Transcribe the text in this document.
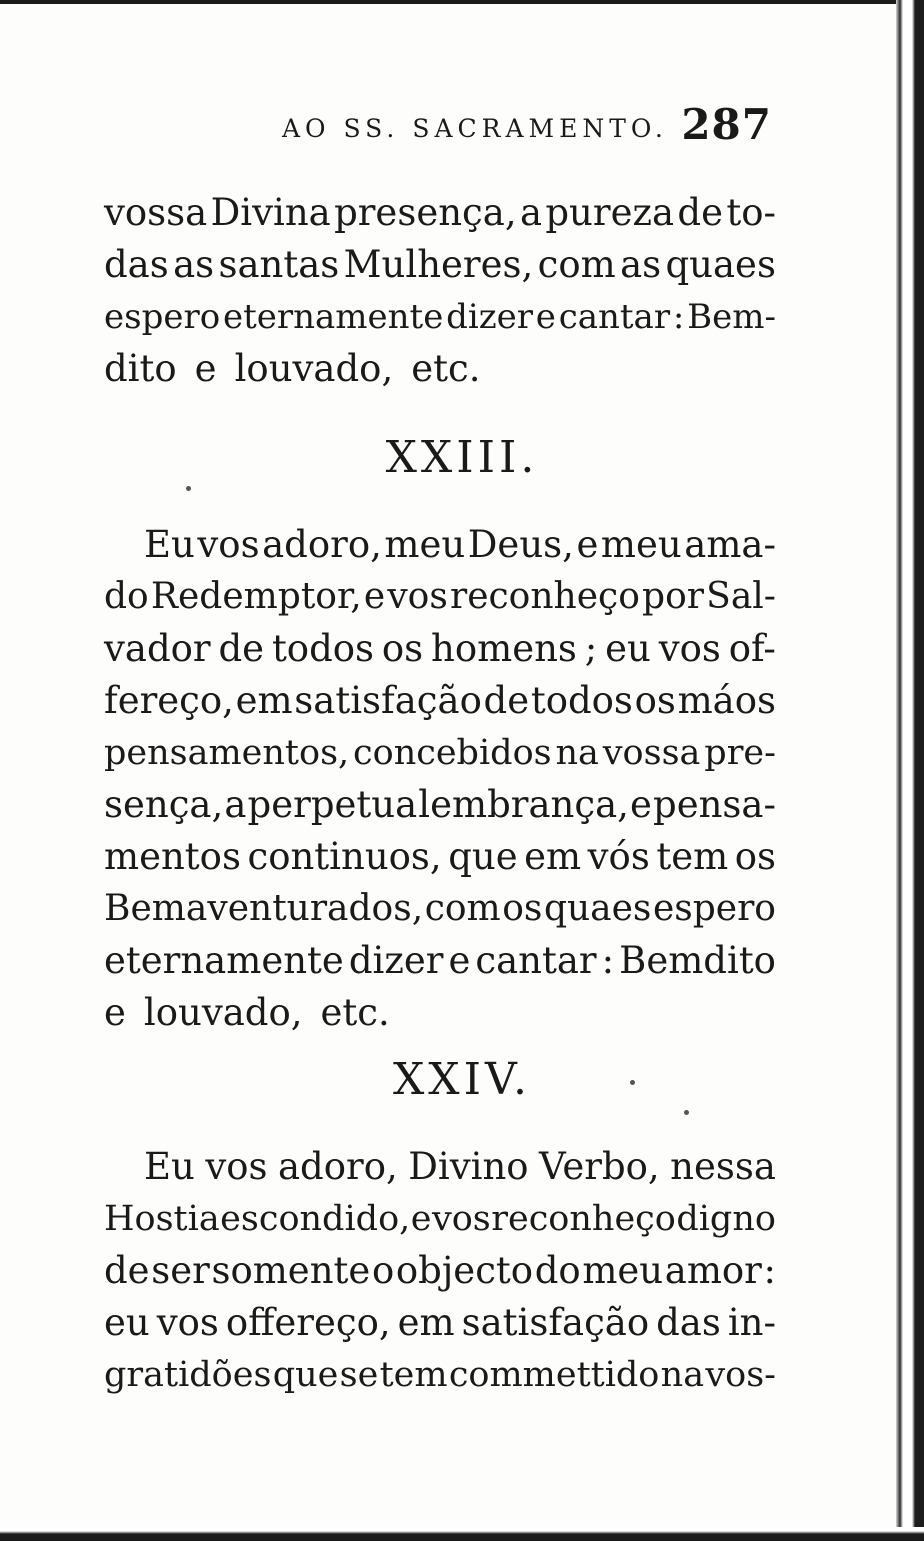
AO SS. SACRAMENTO. 287
vossa Divina presença, a pureza de to-
das as santas Mulheres, com as quaes
espero eternamente dizer e cantar : Bem-
dito e louvado, etc.
Eu vos adoro, meu Deus, e meu ama-
do Redemptor, e vos reconheço por Sal-
vador de todos os homens ; eu vos of-
fereço, em satisfação de todos os máos
pensamentos, concebidos na vossa pre-
sença, a perpetua lembrança, e pensa-
mentos continuos, que em vós tem os
Bemaventurados, com os quaes espero
eternamente dizer e cantar : Bemdito
e louvado, etc.
Eu vos adoro, Divino Verbo, nessa
Hostia escondido, e vos reconheço digno
de ser somente o objecto do meu amor :
eu vos offereço, em satisfação das in-
gratidões que se tem commettido na vos-
XXIII.
XXIV.
